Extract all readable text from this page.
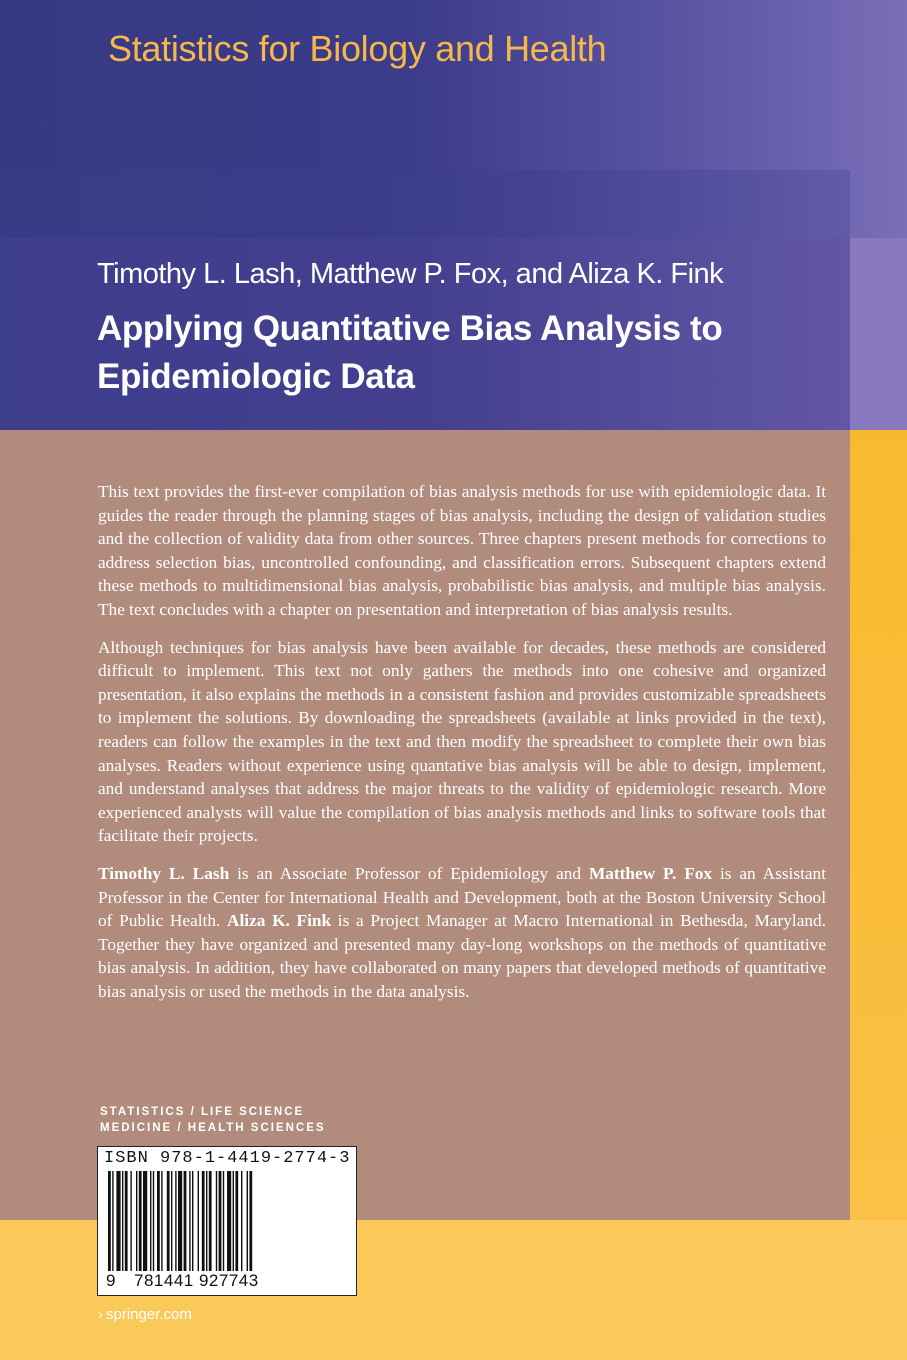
Statistics for Biology and Health
Timothy L. Lash, Matthew P. Fox, and Aliza K. Fink
Applying Quantitative Bias Analysis to
Epidemiologic Data

This text provides the first-ever compilation of bias analysis methods for use with epidemiologic data. It guides the reader through the planning stages of bias analysis, including the design of validation studies and the collection of validity data from other sources. Three chapters present methods for corrections to address selection bias, uncontrolled confounding, and classification errors. Subsequent chapters extend these methods to multidimensional bias analysis, probabilistic bias analysis, and multiple bias analysis. The text concludes with a chapter on presentation and interpretation of bias analysis results.

Although techniques for bias analysis have been available for decades, these methods are considered difficult to implement. This text not only gathers the methods into one cohesive and organized presentation, it also explains the methods in a consistent fashion and provides customizable spreadsheets to implement the solutions. By downloading the spreadsheets (available at links provided in the text), readers can follow the examples in the text and then modify the spreadsheet to complete their own bias analyses. Readers without experience using quantative bias analysis will be able to design, implement, and understand analyses that address the major threats to the validity of epidemiologic research. More experienced analysts will value the compilation of bias analysis methods and links to software tools that facilitate their projects.

Timothy L. Lash is an Associate Professor of Epidemiology and Matthew P. Fox is an Assistant Professor in the Center for International Health and Development, both at the Boston University School of Public Health. Aliza K. Fink is a Project Manager at Macro International in Bethesda, Maryland. Together they have organized and presented many day-long workshops on the methods of quantitative bias analysis. In addition, they have collaborated on many papers that developed methods of quantitative bias analysis or used the methods in the data analysis.

STATISTICS / LIFE SCIENCE
MEDICINE / HEALTH SCIENCES
ISBN 978-1-4419-2774-3
9 781441 927743
› springer.com
